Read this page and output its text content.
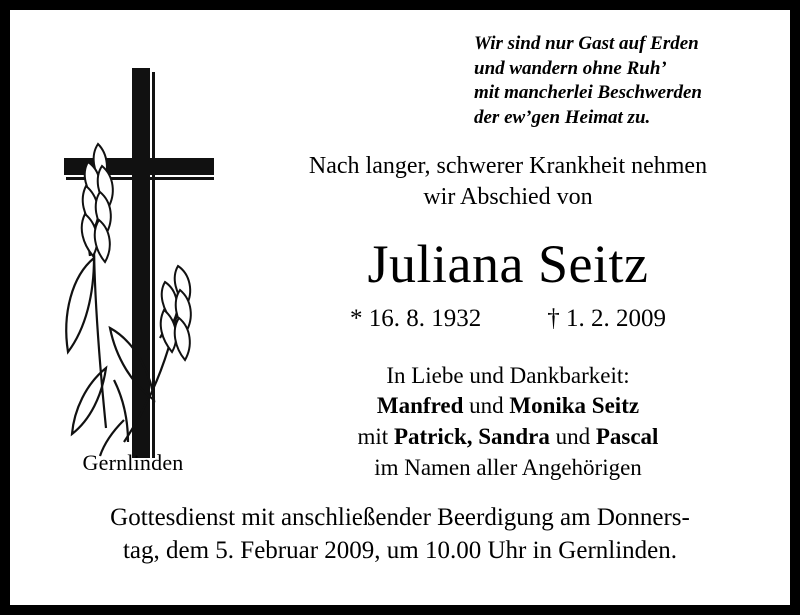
Gernlinden
Wir sind nur Gast auf Erden
und wandern ohne Ruh’
mit mancherlei Beschwerden
der ew’gen Heimat zu.
Nach langer, schwerer Krankheit nehmen
wir Abschied von
Juliana Seitz
* 16. 8. 1932	† 1. 2. 2009
In Liebe und Dankbarkeit:
Manfred und Monika Seitz
mit Patrick, Sandra und Pascal
im Namen aller Angehörigen
Gottesdienst mit anschließender Beerdigung am Donners-
tag, dem 5. Februar 2009, um 10.00 Uhr in Gernlinden.
